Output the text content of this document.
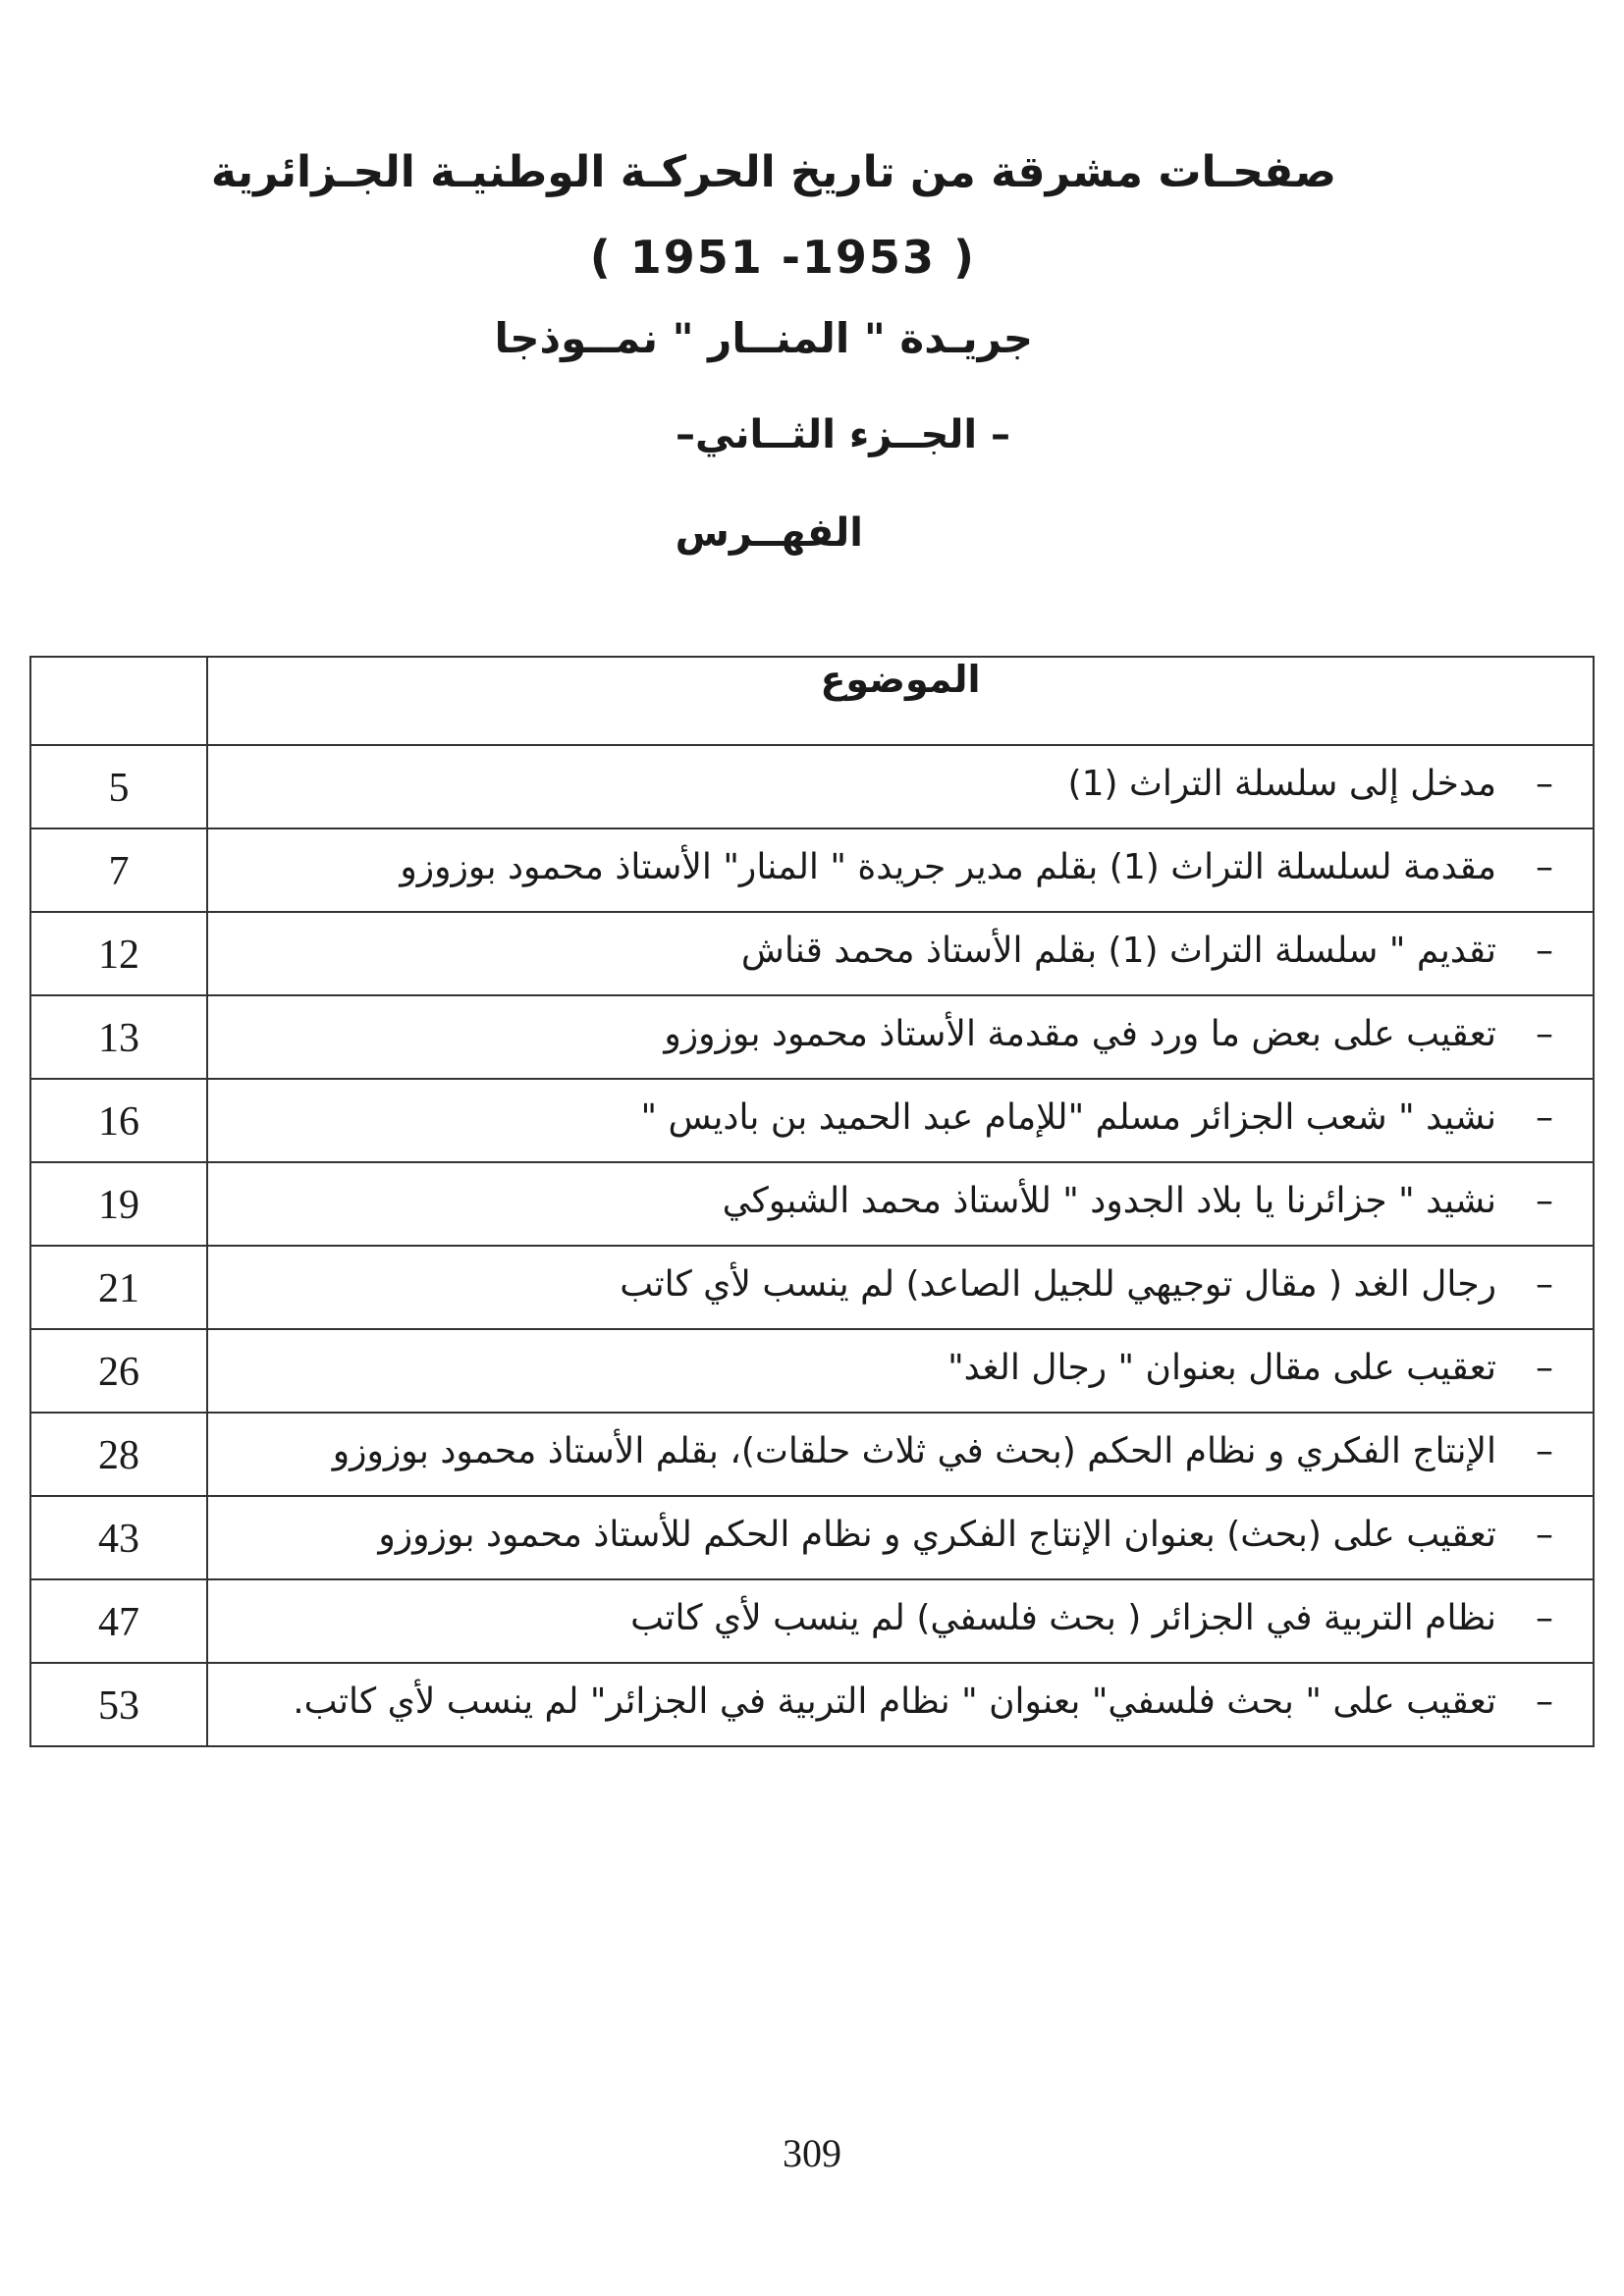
صفحـات مشرقة من تاريخ الحركـة الوطنيـة الجـزائرية
( 1951 -1953 )
جريـدة " المنــار " نمــوذجا
– الجــزء الثــاني–
الفهــرس
الموضوع	
–مدخل إلى سلسلة التراث (1)	5
–مقدمة لسلسلة التراث (1) بقلم مدير جريدة " المنار" الأستاذ محمود بوزوزو	7
–تقديم " سلسلة التراث (1) بقلم الأستاذ محمد قناش	12
–تعقيب على بعض ما ورد في مقدمة الأستاذ محمود بوزوزو	13
–نشيد " شعب الجزائر مسلم "للإمام عبد الحميد بن باديس "	16
–نشيد " جزائرنا يا بلاد الجدود " للأستاذ محمد الشبوكي	19
–رجال الغد ( مقال توجيهي للجيل الصاعد) لم ينسب لأي كاتب	21
–تعقيب على مقال بعنوان " رجال الغد"	26
–الإنتاج الفكري و نظام الحكم (بحث في ثلاث حلقات)، بقلم الأستاذ محمود بوزوزو	28
–تعقيب على (بحث) بعنوان الإنتاج الفكري و نظام الحكم للأستاذ محمود بوزوزو	43
–نظام التربية في الجزائر ( بحث فلسفي) لم ينسب لأي كاتب	47
–تعقيب على " بحث فلسفي" بعنوان " نظام التربية في الجزائر" لم ينسب لأي كاتب.	53
309
